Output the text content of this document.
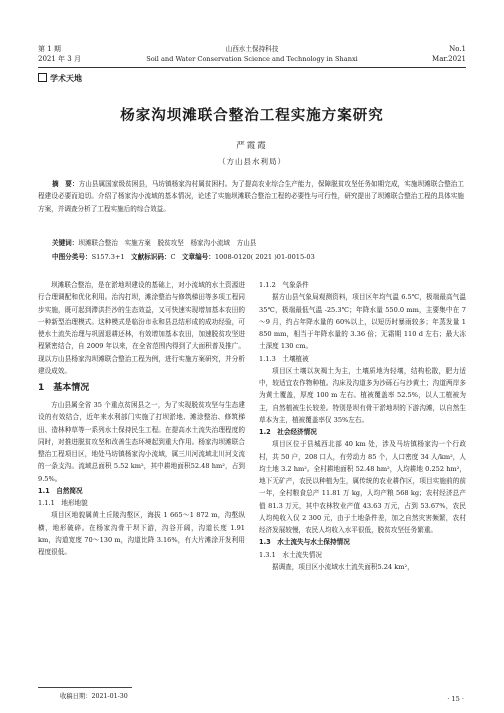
第 1 期
2021 年 3 月
山西水土保持科技
Soil and Water Conservation Science and Technology in Shanxi
No.1
Mar.2021
学术天地
杨家沟坝滩联合整治工程实施方案研究
严霞霞
（方山县水利局）
摘　要：方山县属国家级贫困县，马坊镇杨家沟村属贫困村。为了提高农业综合生产能力，保障脱贫攻坚任务如期完成，实施坝滩联合整治工程建设必要而迫切。介绍了杨家沟小流域的基本情况，论述了实施坝滩联合整治工程的必要性与可行性，研究提出了坝滩联合整治工程的具体实施方案，并调查分析了工程实施后的综合效益。
关键词：坝滩联合整治　实施方案　脱贫攻坚　杨家沟小流域　方山县
中图分类号：S157.3+1 文献标识码：C 文章编号：1008-0120( 2021 )01-0015-03

坝滩联合整治，是在淤地坝建设的基础上，对小流域的水土资源进行合理调配和优化利用。治沟打坝，滩涂整治与修筑梯田等多项工程同步实施，既可起到滞洪拦沙的生态效益，又可快速实现增加基本农田的一种新型治理模式。这种模式是临汾市永和县总结形成的成功经验，可使水土流失治理与巩固退耕还林，有效增加基本农田，加速脱贫攻坚进程紧密结合，自 2009 年以来，在全省范围内得到了大面积普及推广。现以方山县杨家沟坝滩联合整治工程为例，进行实施方案研究，并分析建设成效。

1　基本情况

方山县属全省 35 个重点贫困县之一，为了实现脱贫攻坚与生态建设的有效结合，近年来水利部门实施了打坝淤地、滩涂整治、修筑梯田、造林种草等一系列水土保持民生工程。在提高水土流失治理程度的同时，对推进脱贫攻坚和改善生态环境起到重大作用。杨家沟坝滩联合整治工程项目区，地处马坊镇杨家沟小流域，属三川河流域北川河支流的一条支沟。流域总面积 5.52 km²，其中耕地面积52.48 hm²，占到 9.5%。

1.1　自然简况
1.1.1　地形地貌

项目区地貌属黄土丘陵沟壑区，海拔 1 665～1 872 m，沟壑纵横，地形破碎。在杨家沟骨干坝下游，沟谷开阔，沟道长度 1.91 km，沟道宽度 70～130 m，沟道比降 3.16%，有大片滩涂开发利用程度很低。

1.1.2　气象条件

据方山县气象局观测资料，项目区年均气温 6.5℃，极端最高气温 35℃，极端最低气温 -25.3℃；年降水量 550.0 mm，主要集中在 7～9 月，约占年降水量的 60%以上，以短历时暴雨较多；年蒸发量 1 850 mm，相当于年降水量的 3.36 倍；无霜期 110 d 左右；最大冻土深度 130 cm。

1.1.3　土壤植被

项目区土壤以灰褐土为主，土壤质地为轻壤，结构松散，肥力适中，较适宜农作物种植。沟床及沟道多为沙砾石与沙黄土；沟道两岸多为黄土覆盖，厚度 100 m 左右。植被覆盖率 52.5%，以人工植被为主，自然植被生长较差。特别是坝有骨干淤地坝的下游沟滩，以自然生草本为主，植被覆盖率仅 35%左右。

1.2　社会经济情况

项目区位于县城西北部 40 km 处，涉及马坊镇杨家沟一个行政村，共 50 户，208 口人，有劳动力 85 个，人口密度 34 人/km²，人均土地 3.2 hm²。全村耕地面积 52.48 hm²，人均耕地 0.252 hm²，地下无矿产，农民以种植为生，属传统的农业耕作区，项目实施前的前一年，全村粮食总产 11.81 万 kg，人均产粮 568 kg；农村经济总产值 81.3 万元，其中农林牧业产值 43.63 万元，占到 53.67%，农民人均纯收入仅 2 300 元，由于土地条件差，加之自然灾害频繁，农村经济发展较慢，农民人均收入水平很低，脱贫攻坚任务繁重。

1.3　水土流失与水土保持情况
1.3.1　水土流失情况

据调查，项目区小流域水土流失面积5.24 km²，

收稿日期：2021-01-30	· 15 ·
